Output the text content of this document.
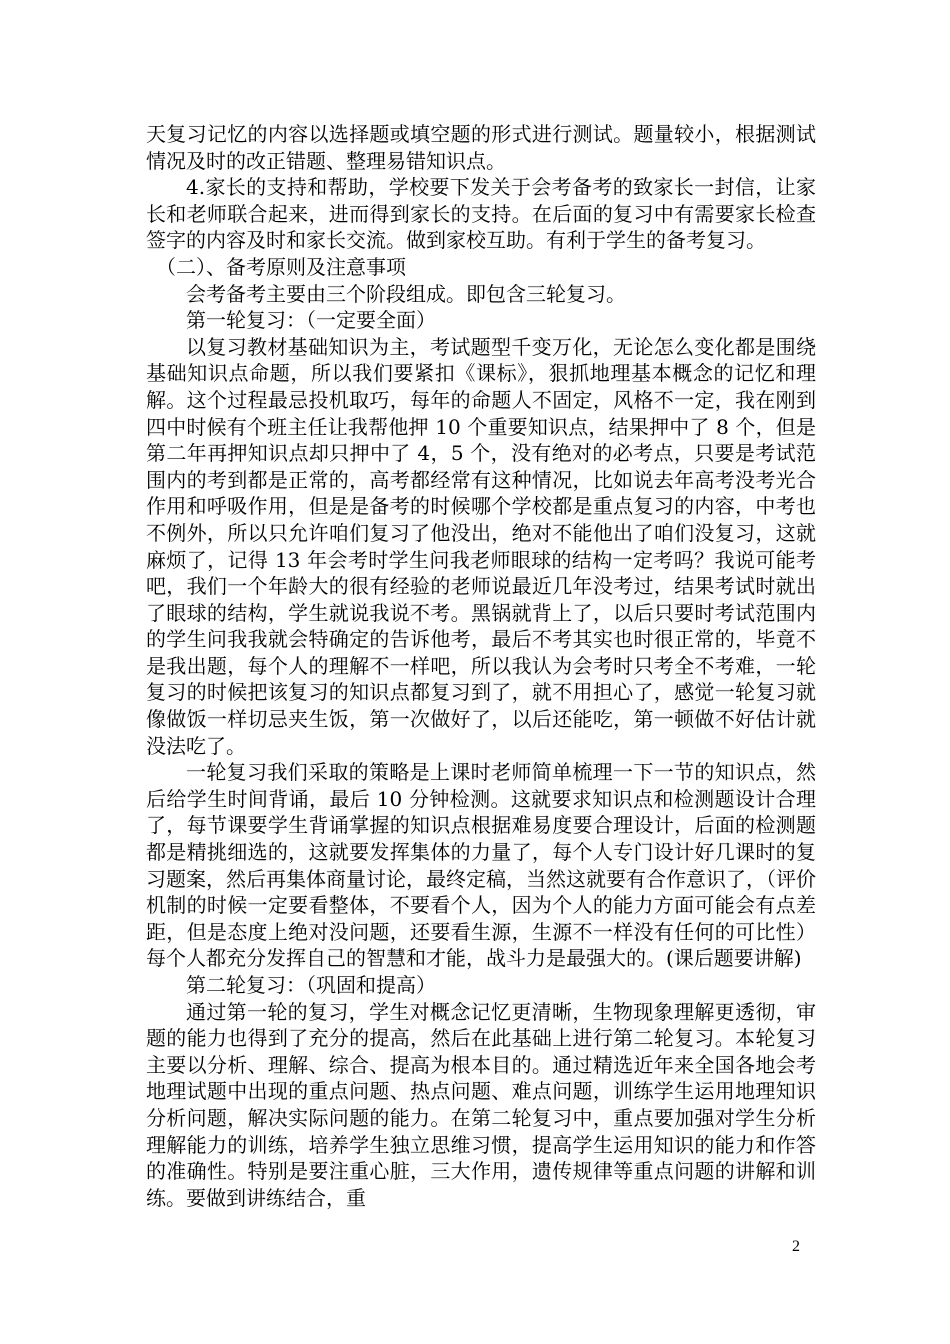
天复习记忆的内容以选择题或填空题的形式进行测试。题量较小，根据测试情况及时的改正错题、整理易错知识点。

4.家长的支持和帮助，学校要下发关于会考备考的致家长一封信，让家长和老师联合起来，进而得到家长的支持。在后面的复习中有需要家长检查签字的内容及时和家长交流。做到家校互助。有利于学生的备考复习。

（二）、备考原则及注意事项

会考备考主要由三个阶段组成。即包含三轮复习。

第一轮复习：（一定要全面）

以复习教材基础知识为主，考试题型千变万化，无论怎么变化都是围绕基础知识点命题，所以我们要紧扣《课标》，狠抓地理基本概念的记忆和理解。这个过程最忌投机取巧，每年的命题人不固定，风格不一定，我在刚到四中时候有个班主任让我帮他押 10 个重要知识点，结果押中了 8 个，但是第二年再押知识点却只押中了 4，5 个，没有绝对的必考点，只要是考试范围内的考到都是正常的，高考都经常有这种情况，比如说去年高考没考光合作用和呼吸作用，但是是备考的时候哪个学校都是重点复习的内容，中考也不例外，所以只允许咱们复习了他没出，绝对不能他出了咱们没复习，这就麻烦了，记得 13 年会考时学生问我老师眼球的结构一定考吗？我说可能考吧，我们一个年龄大的很有经验的老师说最近几年没考过，结果考试时就出了眼球的结构，学生就说我说不考。黑锅就背上了，以后只要时考试范围内的学生问我我就会特确定的告诉他考，最后不考其实也时很正常的，毕竟不是我出题，每个人的理解不一样吧，所以我认为会考时只考全不考难，一轮复习的时候把该复习的知识点都复习到了，就不用担心了，感觉一轮复习就像做饭一样切忌夹生饭，第一次做好了，以后还能吃，第一顿做不好估计就没法吃了。

一轮复习我们采取的策略是上课时老师简单梳理一下一节的知识点，然后给学生时间背诵，最后 10 分钟检测。这就要求知识点和检测题设计合理了，每节课要学生背诵掌握的知识点根据难易度要合理设计，后面的检测题都是精挑细选的，这就要发挥集体的力量了，每个人专门设计好几课时的复习题案，然后再集体商量讨论，最终定稿，当然这就要有合作意识了，（评价机制的时候一定要看整体，不要看个人，因为个人的能力方面可能会有点差距，但是态度上绝对没问题，还要看生源，生源不一样没有任何的可比性）每个人都充分发挥自己的智慧和才能，战斗力是最强大的。(课后题要讲解)

第二轮复习：（巩固和提高）

通过第一轮的复习，学生对概念记忆更清晰，生物现象理解更透彻，审题的能力也得到了充分的提高，然后在此基础上进行第二轮复习。本轮复习主要以分析、理解、综合、提高为根本目的。通过精选近年来全国各地会考地理试题中出现的重点问题、热点问题、难点问题，训练学生运用地理知识分析问题，解决实际问题的能力。在第二轮复习中，重点要加强对学生分析理解能力的训练，培养学生独立思维习惯，提高学生运用知识的能力和作答的准确性。特别是要注重心脏，三大作用，遗传规律等重点问题的讲解和训练。要做到讲练结合，重

2
